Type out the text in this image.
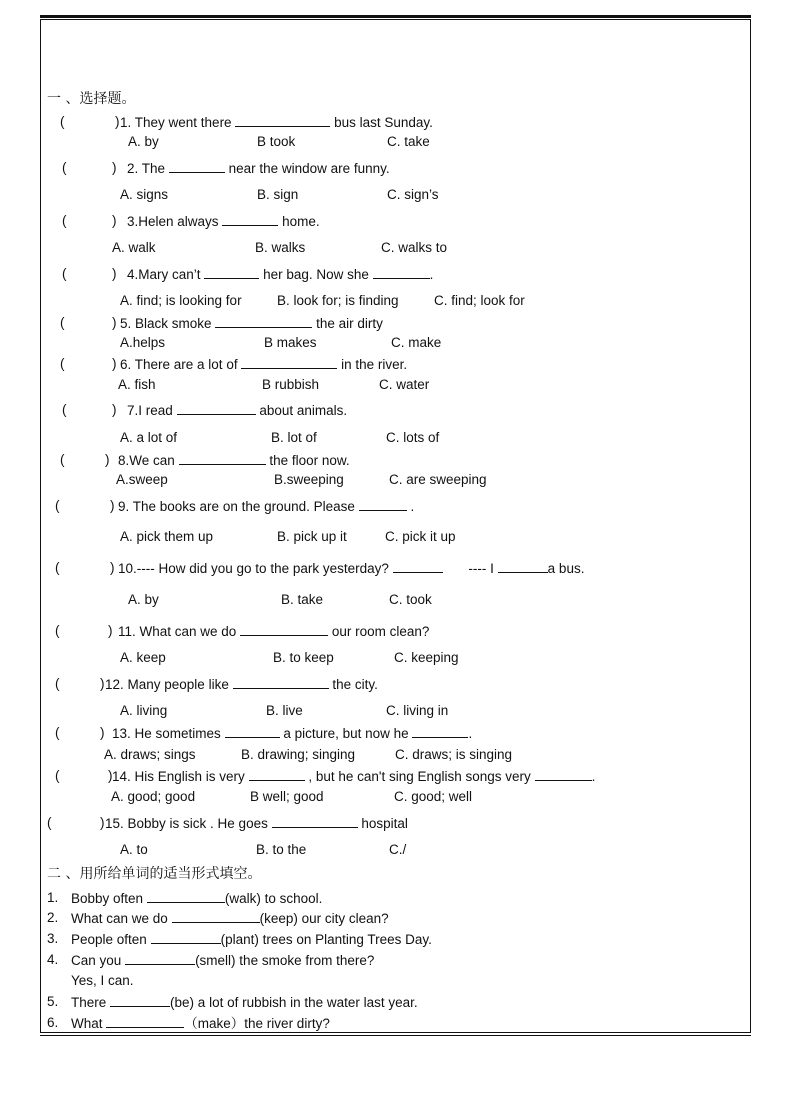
一 、选择题。
(	) 1. They went there	bus last Sunday.
A. by	B took	C. take
(	) 2. The	near the window are funny.
A. signs	B. sign	C. sign’s
(	) 3.Helen always	home.
A. walk	B. walks	C. walks to
(	) 4.Mary can’t	her bag. Now she	.
A. find; is looking for	B. look for; is finding	C. find; look for
(	) 5. Black smoke	the air dirty
A.helps	B makes	C. make
(	) 6. There are a lot of	in the river.
A. fish	B rubbish	C. water
(	) 7.I read	about animals.
A. a lot of	B. lot of	C. lots of
(	) 8.We can	the floor now.
A.sweep	B.sweeping	C. are sweeping
(	) 9. The books are on the ground. Please	.
A. pick them up	B. pick up it	C. pick it up
(	) 10.---- How did you go to the park yesterday?	---- I	a bus.
A. by	B. take	C. took
(	) 11. What can we do	our room clean?
A. keep	B. to keep	C. keeping
(	) 12. Many people like	the city.
A. living	B. live	C. living in
(	) 13. He sometimes	a picture, but now he	.
A. draws; sings	B. drawing; singing	C. draws; is singing
(	) 14. His English is very	, but he can't sing English songs very	.
A. good; good	B well; good	C. good; well
(	) 15. Bobby is sick . He goes	hospital
A. to	B. to the	C./
二 、用所给单词的适当形式填空。
1. Bobby often	(walk) to school.
2. What can we do	(keep) our city clean?
3. People often	(plant) trees on Planting Trees Day.
4. Can you	(smell) the smoke from there?
Yes, I can.
5. There	(be) a lot of rubbish in the water last year.
6. What	（make）the river dirty?
